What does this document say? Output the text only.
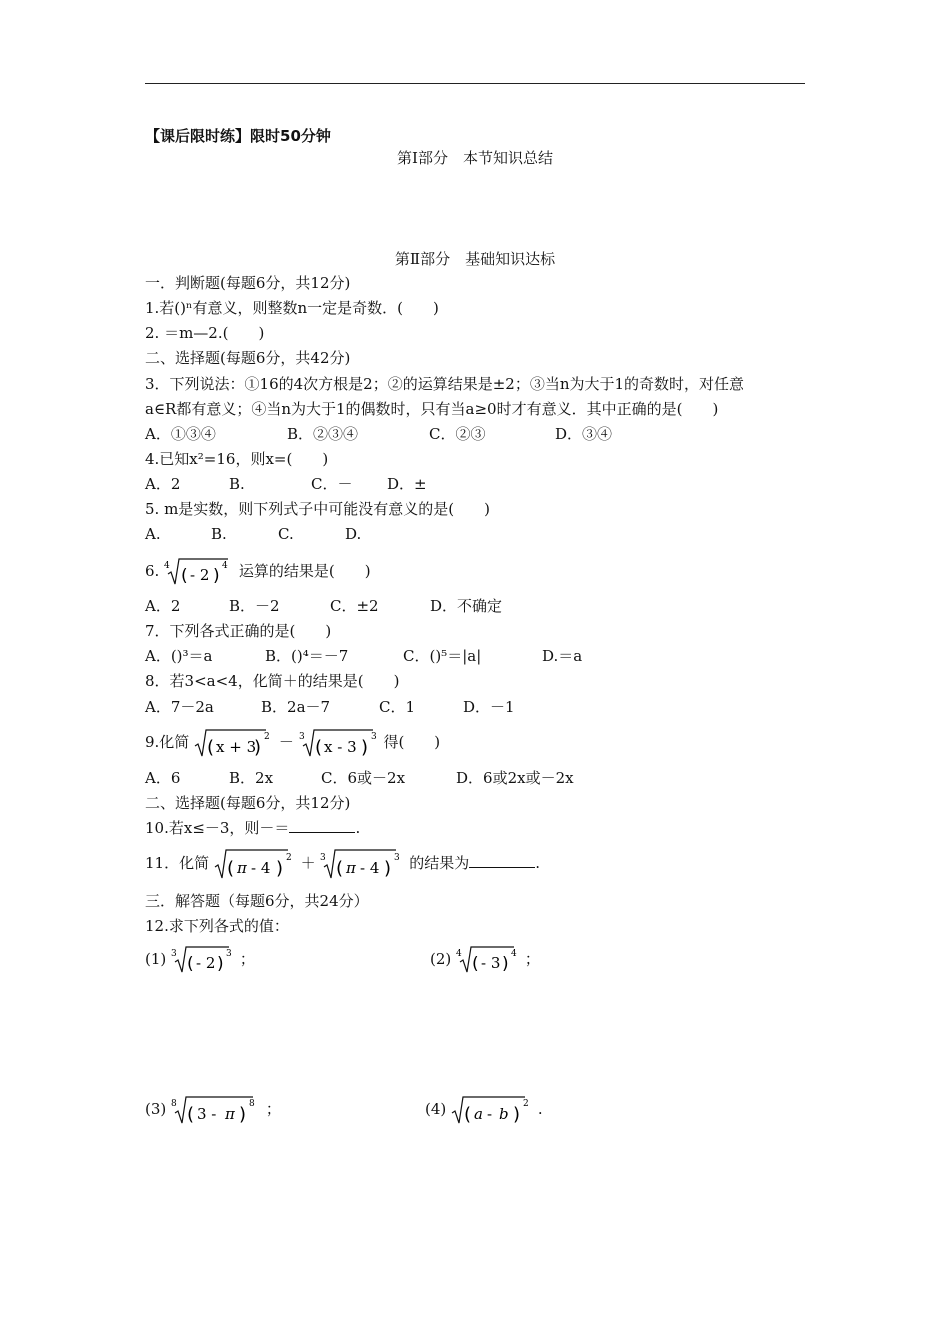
【课后限时练】限时50分钟
第Ⅰ部分　本节知识总结
第Ⅱ部分　基础知识达标
一．判断题(每题6分，共12分)
1.若()ⁿ有意义，则整数n一定是奇数．(　　)
2. ＝m—2.(　　)
二、选择题(每题6分，共42分)
3．下列说法：①16的4次方根是2；②的运算结果是±2；③当n为大于1的奇数时，对任意
a∈R都有意义；④当n为大于1的偶数时，只有当a≥0时才有意义．其中正确的是(　　)
A．①③④	B．②③④	C．②③	D．③④
4.已知x²=16，则x=(　　)
A．2	B.	C．－ D．±
5. m是实数，则下列式子中可能没有意义的是(　　)
A.	B.	C.	D.
6. 4 ( - 2 ) 4 运算的结果是(　　)
A．2	B．－2	C．±2	D．不确定
7．下列各式正确的是(　　)
A．()³＝a	B．()⁴＝－7	C．()⁵＝|a|	D.＝a
8．若3<a<4，化简＋的结果是(　　)
A．7－2a	B．2a－7	C．1	D．－1
9.化简 ( x + 3
) 2 － 3 ( x - 3 ) 3 得(　　)
A．6	B．2x	C．6或－2x	D．6或2x或－2x
二、选择题(每题6分，共12分)
10.若x≤－3，则－＝	.
11．化简 ( π - 4 ) 2 ＋ 3 ( π - 4 ) 3 的结果为	.
三．解答题（每题6分，共24分）
12.求下列各式的值：
(1) 3 ( - 2 ) 3 ；	(2) 4 ( - 3 ) 4 ；
(3) 8 ( 3 - π ) 8 ；	(4) ( a - b ) 2 .
